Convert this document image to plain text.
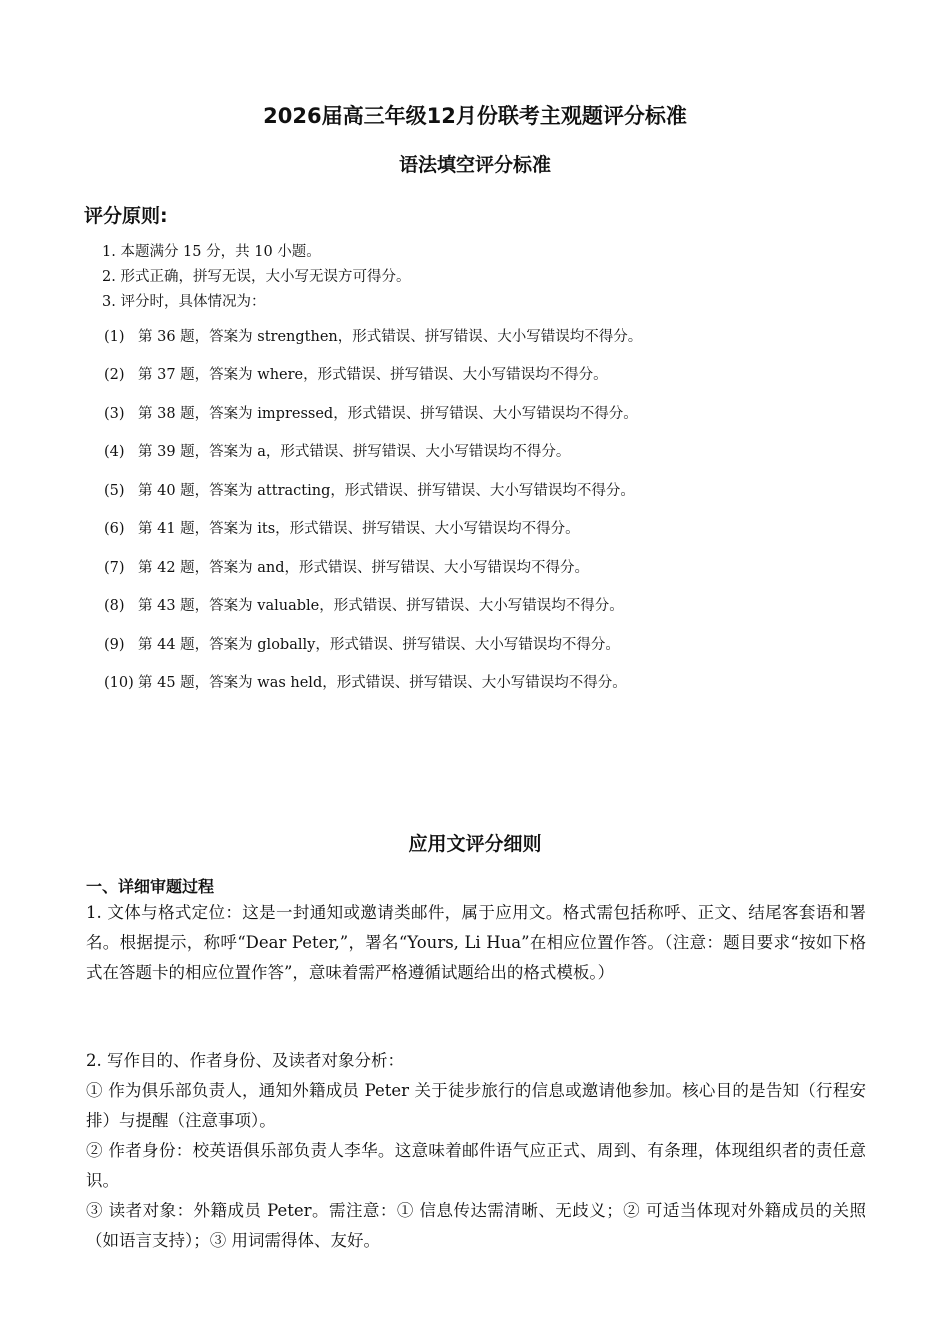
2026届高三年级12月份联考主观题评分标准
语法填空评分标准
评分原则:
1. 本题满分 15 分，共 10 小题。
2. 形式正确，拼写无误，大小写无误方可得分。
3. 评分时，具体情况为：
(1) 第 36 题，答案为 strengthen，形式错误、拼写错误、大小写错误均不得分。
(2) 第 37 题，答案为 where，形式错误、拼写错误、大小写错误均不得分。
(3) 第 38 题，答案为 impressed，形式错误、拼写错误、大小写错误均不得分。
(4) 第 39 题，答案为 a，形式错误、拼写错误、大小写错误均不得分。
(5) 第 40 题，答案为 attracting，形式错误、拼写错误、大小写错误均不得分。
(6) 第 41 题，答案为 its，形式错误、拼写错误、大小写错误均不得分。
(7) 第 42 题，答案为 and，形式错误、拼写错误、大小写错误均不得分。
(8) 第 43 题，答案为 valuable，形式错误、拼写错误、大小写错误均不得分。
(9) 第 44 题，答案为 globally，形式错误、拼写错误、大小写错误均不得分。
(10) 第 45 题，答案为 was held，形式错误、拼写错误、大小写错误均不得分。
应用文评分细则
一、详细审题过程
1. 文体与格式定位：这是一封通知或邀请类邮件，属于应用文。格式需包括称呼、正文、结尾客套语和署名。根据提示，称呼“Dear Peter,”，署名“Yours, Li Hua”在相应位置作答。（注意：题目要求“按如下格式在答题卡的相应位置作答”，意味着需严格遵循试题给出的格式模板。）
2. 写作目的、作者身份、及读者对象分析：
① 作为俱乐部负责人，通知外籍成员 Peter 关于徒步旅行的信息或邀请他参加。核心目的是告知（行程安排）与提醒（注意事项）。
② 作者身份：校英语俱乐部负责人李华。这意味着邮件语气应正式、周到、有条理，体现组织者的责任意识。
③ 读者对象：外籍成员 Peter。需注意：① 信息传达需清晰、无歧义；② 可适当体现对外籍成员的关照（如语言支持）；③ 用词需得体、友好。
